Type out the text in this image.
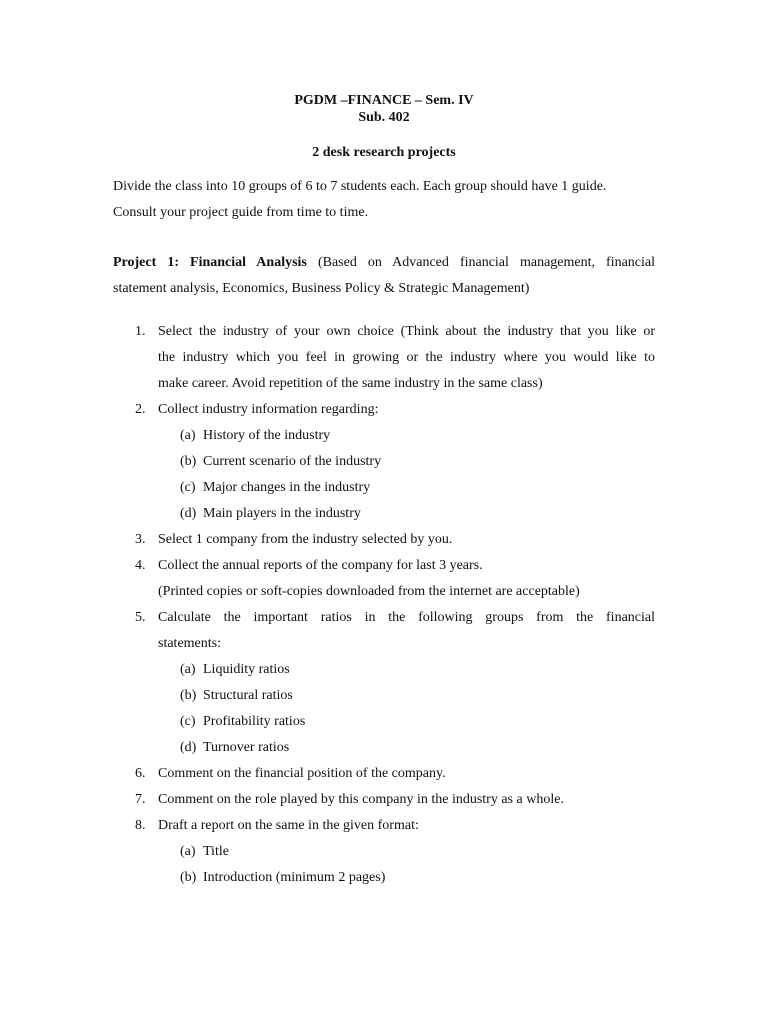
PGDM –FINANCE – Sem. IV
Sub. 402
2 desk research projects
Divide the class into 10 groups of 6 to 7 students each. Each group should have 1 guide.
Consult your project guide from time to time.
Project 1: Financial Analysis (Based on Advanced financial management, financial
statement analysis, Economics, Business Policy & Strategic Management)
1. Select the industry of your own choice (Think about the industry that you like or
the industry which you feel in growing or the industry where you would like to
make career. Avoid repetition of the same industry in the same class)
2. Collect industry information regarding:
(a) History of the industry
(b) Current scenario of the industry
(c) Major changes in the industry
(d) Main players in the industry
3. Select 1 company from the industry selected by you.
4. Collect the annual reports of the company for last 3 years.
(Printed copies or soft-copies downloaded from the internet are acceptable)
5. Calculate the important ratios in the following groups from the financial
statements:
(a) Liquidity ratios
(b) Structural ratios
(c) Profitability ratios
(d) Turnover ratios
6. Comment on the financial position of the company.
7. Comment on the role played by this company in the industry as a whole.
8. Draft a report on the same in the given format:
(a) Title
(b) Introduction (minimum 2 pages)
